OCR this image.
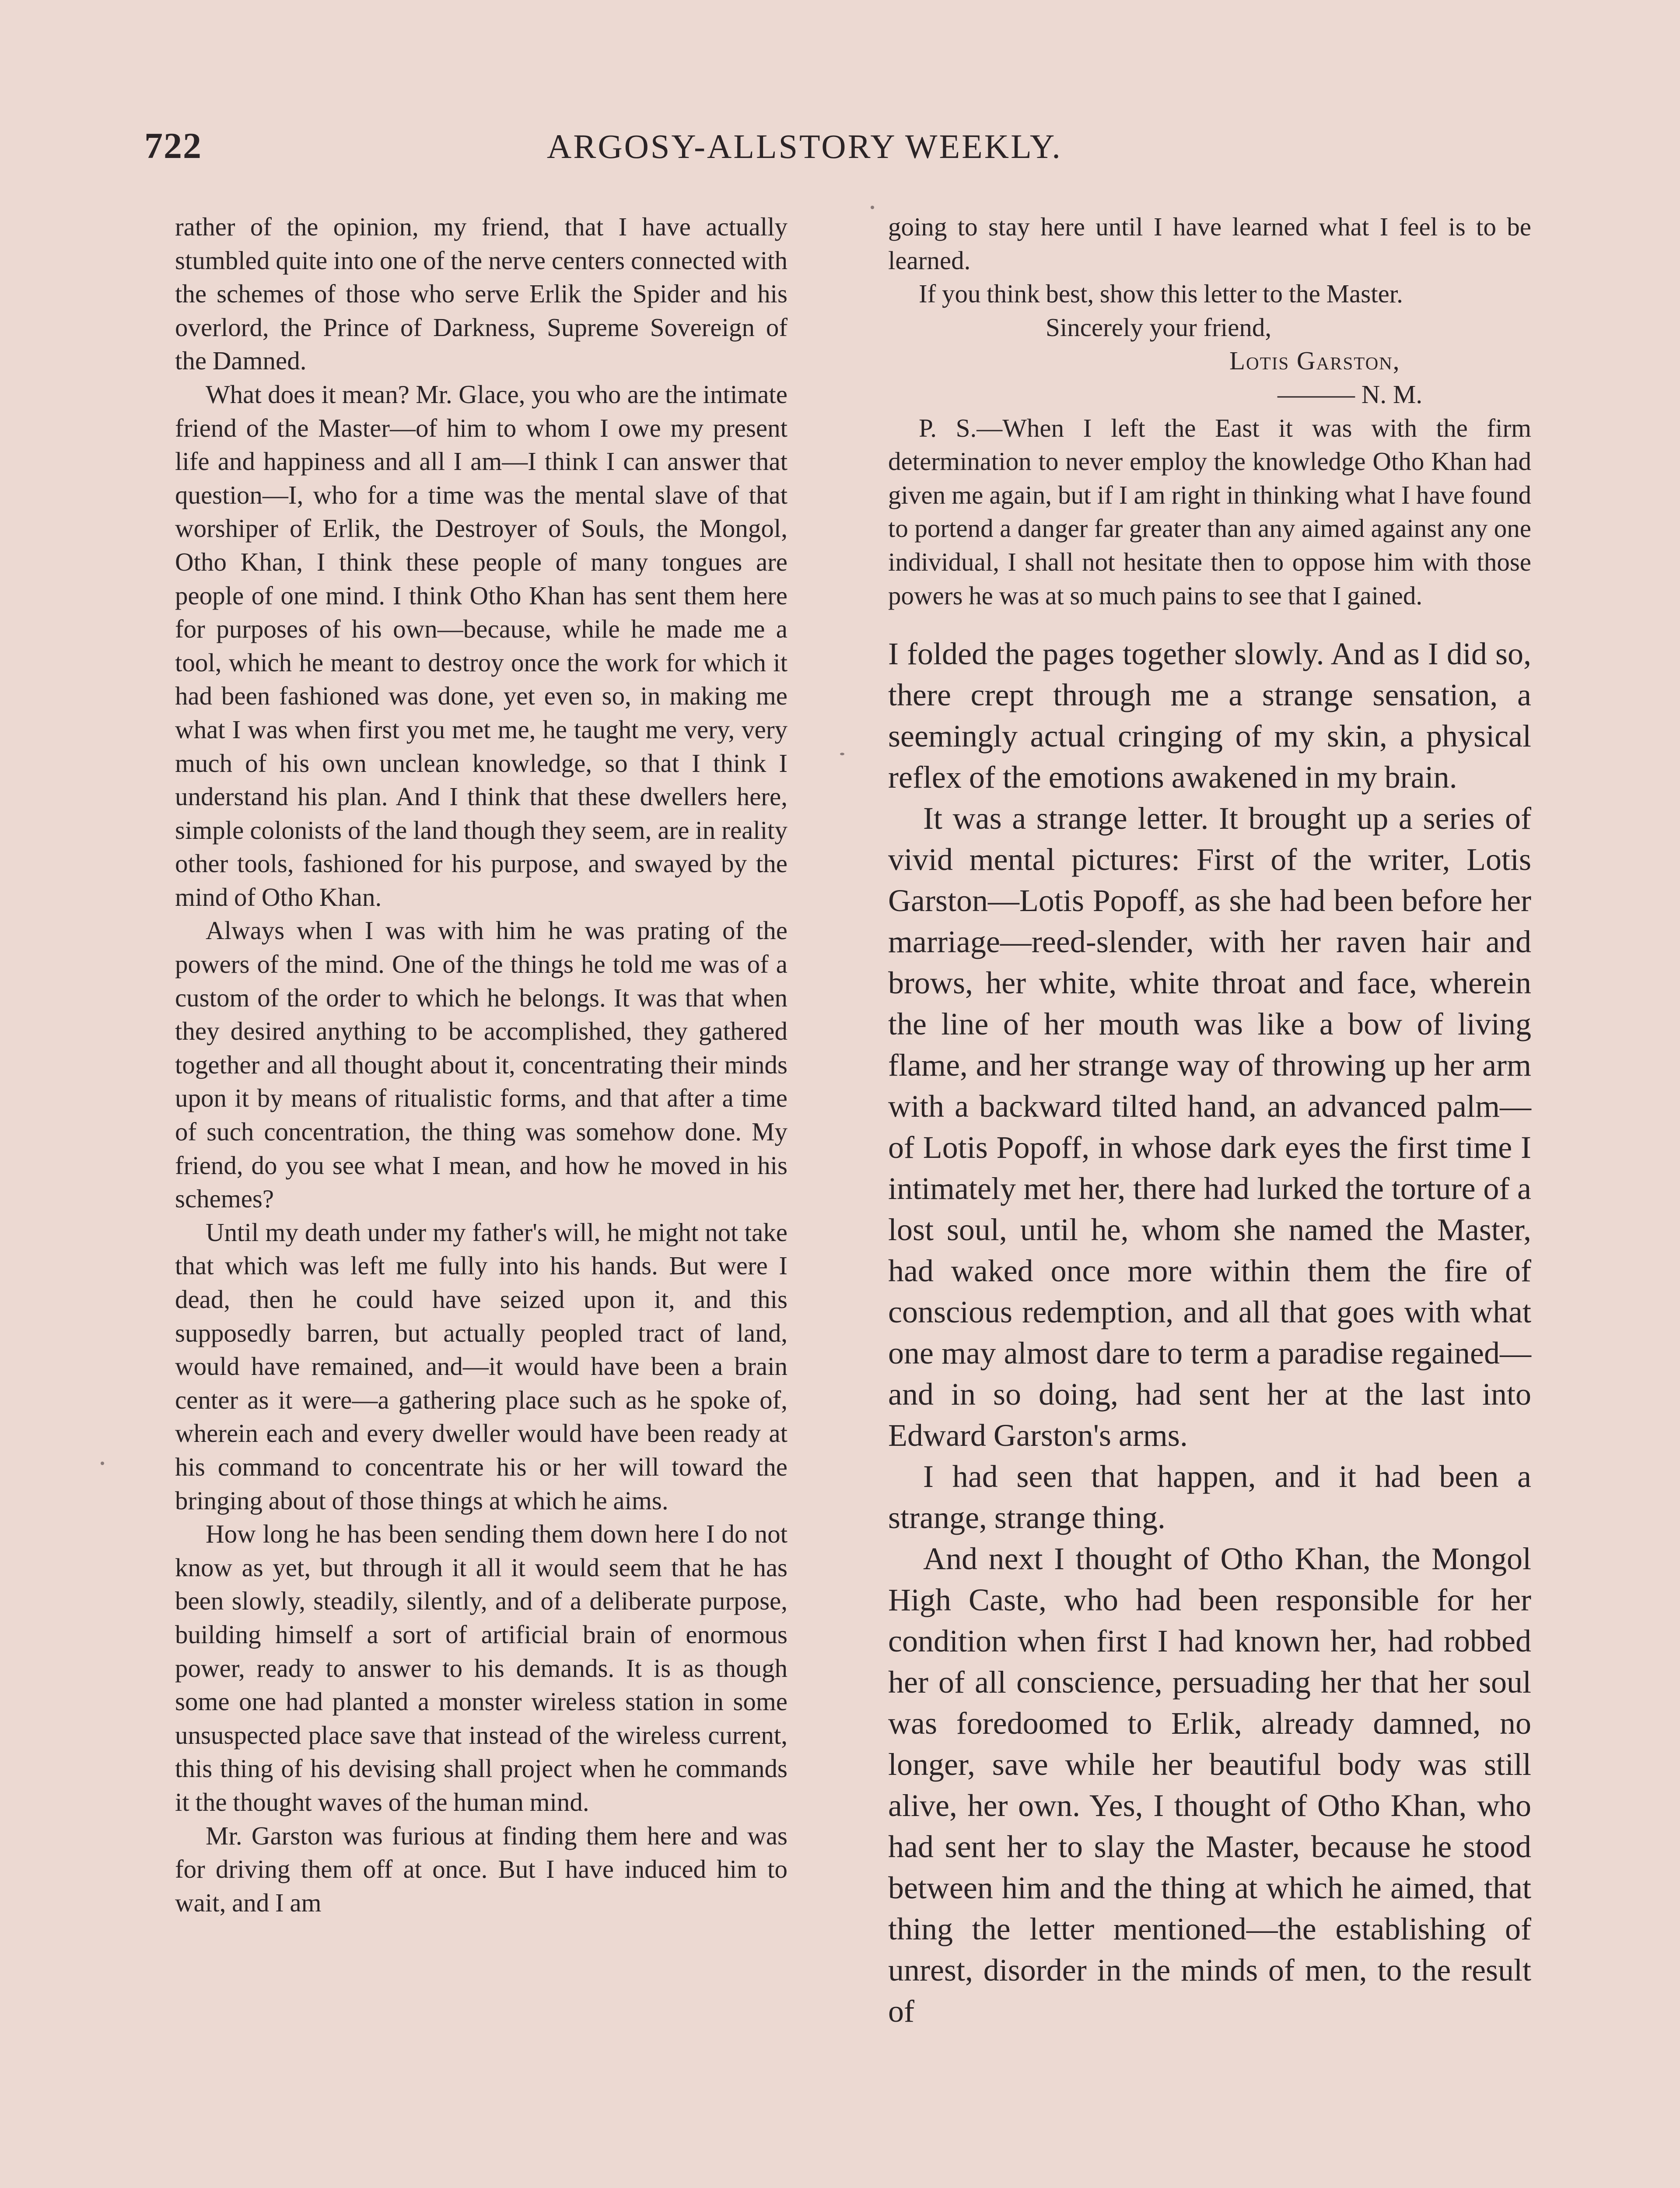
722	ARGOSY-ALLSTORY WEEKLY.

rather of the opinion, my friend, that I have actually stumbled quite into one of the nerve centers connected with the schemes of those who serve Erlik the Spider and his overlord, the Prince of Darkness, Supreme Sovereign of the Damned.

What does it mean? Mr. Glace, you who are the intimate friend of the Master—of him to whom I owe my present life and happiness and all I am—I think I can answer that question—I, who for a time was the mental slave of that worshiper of Erlik, the Destroyer of Souls, the Mongol, Otho Khan, I think these people of many tongues are people of one mind. I think Otho Khan has sent them here for purposes of his own—because, while he made me a tool, which he meant to destroy once the work for which it had been fashioned was done, yet even so, in making me what I was when first you met me, he taught me very, very much of his own unclean knowledge, so that I think I understand his plan. And I think that these dwellers here, simple colonists of the land though they seem, are in reality other tools, fashioned for his purpose, and swayed by the mind of Otho Khan.

Always when I was with him he was prating of the powers of the mind. One of the things he told me was of a custom of the order to which he belongs. It was that when they desired anything to be accomplished, they gathered together and all thought about it, concentrating their minds upon it by means of ritualistic forms, and that after a time of such concentration, the thing was somehow done. My friend, do you see what I mean, and how he moved in his schemes?

Until my death under my father's will, he might not take that which was left me fully into his hands. But were I dead, then he could have seized upon it, and this supposedly barren, but actually peopled tract of land, would have remained, and—it would have been a brain center as it were—a gathering place such as he spoke of, wherein each and every dweller would have been ready at his command to concentrate his or her will toward the bringing about of those things at which he aims.

How long he has been sending them down here I do not know as yet, but through it all it would seem that he has been slowly, steadily, silently, and of a deliberate purpose, building himself a sort of artificial brain of enormous power, ready to answer to his demands. It is as though some one had planted a monster wireless station in some unsuspected place save that instead of the wireless current, this thing of his devising shall project when he commands it the thought waves of the human mind.

Mr. Garston was furious at finding them here and was for driving them off at once. But I have induced him to wait, and I am

going to stay here until I have learned what I feel is to be learned.

If you think best, show this letter to the Master.

Sincerely your friend,
Lotis Garston,
——— N. M.

P. S.—When I left the East it was with the firm determination to never employ the knowledge Otho Khan had given me again, but if I am right in thinking what I have found to portend a danger far greater than any aimed against any one individual, I shall not hesitate then to oppose him with those powers he was at so much pains to see that I gained.

I folded the pages together slowly. And as I did so, there crept through me a strange sensation, a seemingly actual cringing of my skin, a physical reflex of the emotions awakened in my brain.

It was a strange letter. It brought up a series of vivid mental pictures: First of the writer, Lotis Garston—Lotis Popoff, as she had been before her marriage—reed-slender, with her raven hair and brows, her white, white throat and face, wherein the line of her mouth was like a bow of living flame, and her strange way of throwing up her arm with a backward tilted hand, an advanced palm—of Lotis Popoff, in whose dark eyes the first time I intimately met her, there had lurked the torture of a lost soul, until he, whom she named the Master, had waked once more within them the fire of conscious redemption, and all that goes with what one may almost dare to term a paradise regained—and in so doing, had sent her at the last into Edward Garston's arms.

I had seen that happen, and it had been a strange, strange thing.

And next I thought of Otho Khan, the Mongol High Caste, who had been responsible for her condition when first I had known her, had robbed her of all conscience, persuading her that her soul was foredoomed to Erlik, already damned, no longer, save while her beautiful body was still alive, her own. Yes, I thought of Otho Khan, who had sent her to slay the Master, because he stood between him and the thing at which he aimed, that thing the letter mentioned—the establishing of unrest, disorder in the minds of men, to the result of
